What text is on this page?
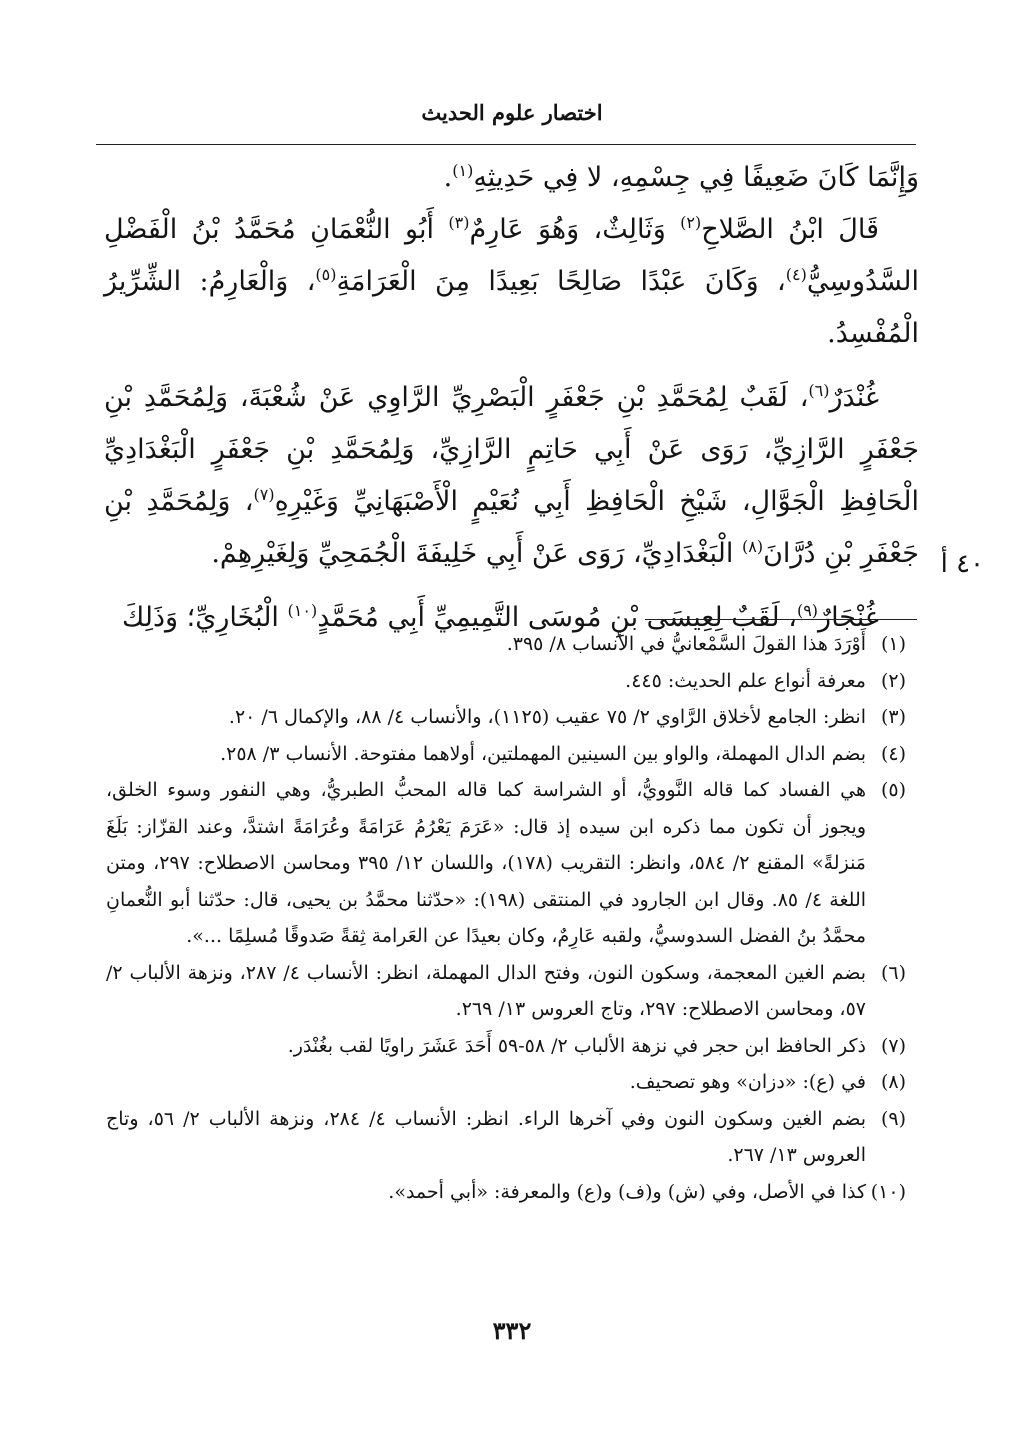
اختصار علوم الحديث
٤٠ أ

وَإِنَّمَا كَانَ ضَعِيفًا فِي جِسْمِهِ، لا فِي حَدِيثِهِ$^{(١)}$.

قَالَ ابْنُ الصَّلاحِ$^{(٢)}$ وَثَالِثٌ، وَهُوَ عَارِمٌ$^{(٣)}$ أَبُو النُّعْمَانِ مُحَمَّدُ بْنُ الْفَضْلِ السَّدُوسِيُّ$^{(٤)}$، وَكَانَ عَبْدًا صَالِحًا بَعِيدًا مِنَ الْعَرَامَةِ$^{(٥)}$، وَالْعَارِمُ: الشِّرِّيرُ الْمُفْسِدُ.

غُنْدَرٌ$^{(٦)}$، لَقَبٌ لِمُحَمَّدِ بْنِ جَعْفَرٍ الْبَصْرِيِّ الرَّاوِي عَنْ شُعْبَةَ، وَلِمُحَمَّدِ بْنِ جَعْفَرٍ الرَّازِيِّ، رَوَى عَنْ أَبِي حَاتِمٍ الرَّازِيِّ، وَلِمُحَمَّدِ بْنِ جَعْفَرٍ الْبَغْدَادِيِّ الْحَافِظِ الْجَوَّالِ، شَيْخِ الْحَافِظِ أَبِي نُعَيْمٍ الْأَصْبَهَانِيِّ وَغَيْرِهِ$^{(٧)}$، وَلِمُحَمَّدِ بْنِ جَعْفَرِ بْنِ دُرَّانَ$^{(٨)}$ الْبَغْدَادِيِّ، رَوَى عَنْ أَبِي خَلِيفَةَ الْجُمَحِيِّ وَلِغَيْرِهِمْ.

غُنْجَارٌ$^{(٩)}$، لَقَبٌ لِعِيسَى بْنِ مُوسَى التَّمِيمِيِّ أَبِي مُحَمَّدٍ$^{(١٠)}$ الْبُخَارِيِّ؛ وَذَلِكَ

(١)
أَوْرَدَ هذا القولَ السَّمْعانيُّ في الأنساب ٨/ ٣٩٥.
(٢)
معرفة أنواع علم الحديث: ٤٤٥.
(٣)
انظر: الجامع لأخلاق الرَّاوي ٢/ ٧٥ عقيب (١١٢٥)، والأنساب ٤/ ٨٨، والإكمال ٦/ ٢٠.
(٤)
بضم الدال المهملة، والواو بين السينين المهملتين، أولاهما مفتوحة. الأنساب ٣/ ٢٥٨.
(٥)
هي الفساد كما قاله النَّوويُّ، أو الشراسة كما قاله المحبُّ الطبريُّ، وهي النفور وسوء الخلق، ويجوز أن تكون مما ذكره ابن سيده إذ قال: «عَرَمَ يَعْرُمُ عَرَامَةً وعُرَامَةً اشتدَّ، وعند القزّاز: بَلَغَ مَنزلةً» المقنع ٢/ ٥٨٤، وانظر: التقريب (١٧٨)، واللسان ١٢/ ٣٩٥ ومحاسن الاصطلاح: ٢٩٧، ومتن اللغة ٤/ ٨٥. وقال ابن الجارود في المنتقى (١٩٨): «حدّثنا محمَّدُ بن يحيى، قال: حدّثنا أبو النُّعمانِ محمَّدُ بنُ الفضل السدوسيُّ، ولقبه عَارِمٌ، وكان بعيدًا عن العَرامة ثِقةً صَدوقًا مُسلِمًا ...».
(٦)
بضم الغين المعجمة، وسكون النون، وفتح الدال المهملة، انظر: الأنساب ٤/ ٢٨٧، ونزهة الألباب ٢/ ٥٧، ومحاسن الاصطلاح: ٢٩٧، وتاج العروس ١٣/ ٢٦٩.
(٧)
ذكر الحافظ ابن حجر في نزهة الألباب ٢/ ٥٨-٥٩ أَحَدَ عَشَرَ راويًا لقب بغُنْدَر.
(٨)
في (ع): «دزان» وهو تصحيف.
(٩)
بضم الغين وسكون النون وفي آخرها الراء. انظر: الأنساب ٤/ ٢٨٤، ونزهة الألباب ٢/ ٥٦، وتاج العروس ١٣/ ٢٦٧.
(١٠)
كذا في الأصل، وفي (ش) و(ف) و(ع) والمعرفة: «أبي أحمد».
٣٣٢
